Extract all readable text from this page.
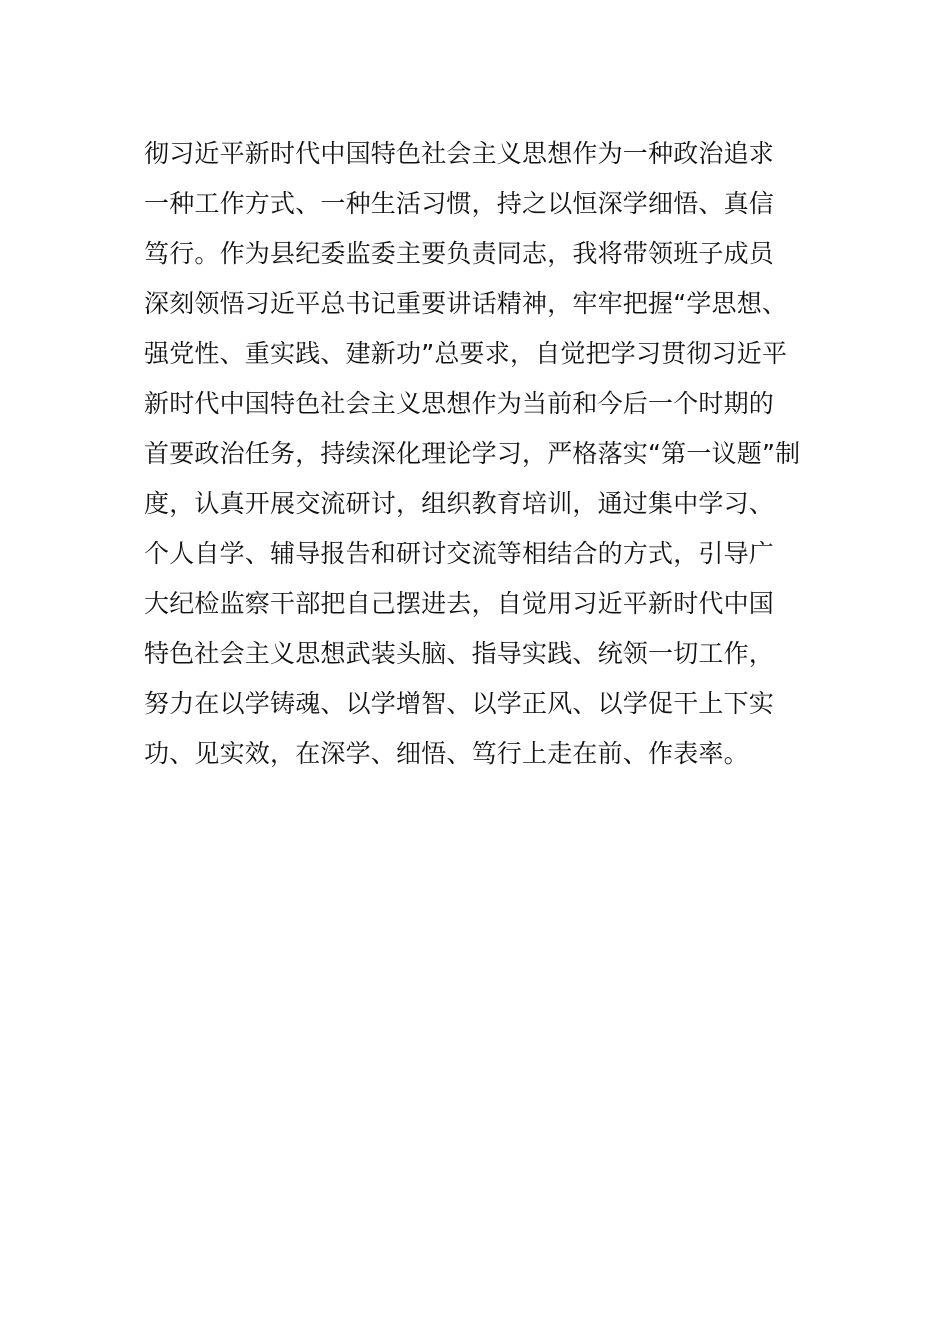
彻习近平新时代中国特色社会主义思想作为一种政治追求
一种工作方式、一种生活习惯，持之以恒深学细悟、真信
笃行。作为县纪委监委主要负责同志，我将带领班子成员
深刻领悟习近平总书记重要讲话精神，牢牢把握“学思想、
强党性、重实践、建新功”总要求，自觉把学习贯彻习近平
新时代中国特色社会主义思想作为当前和今后一个时期的
首要政治任务，持续深化理论学习，严格落实“第一议题”制
度，认真开展交流研讨，组织教育培训，通过集中学习、
个人自学、辅导报告和研讨交流等相结合的方式，引导广
大纪检监察干部把自己摆进去，自觉用习近平新时代中国
特色社会主义思想武装头脑、指导实践、统领一切工作，
努力在以学铸魂、以学增智、以学正风、以学促干上下实
功、见实效，在深学、细悟、笃行上走在前、作表率。
